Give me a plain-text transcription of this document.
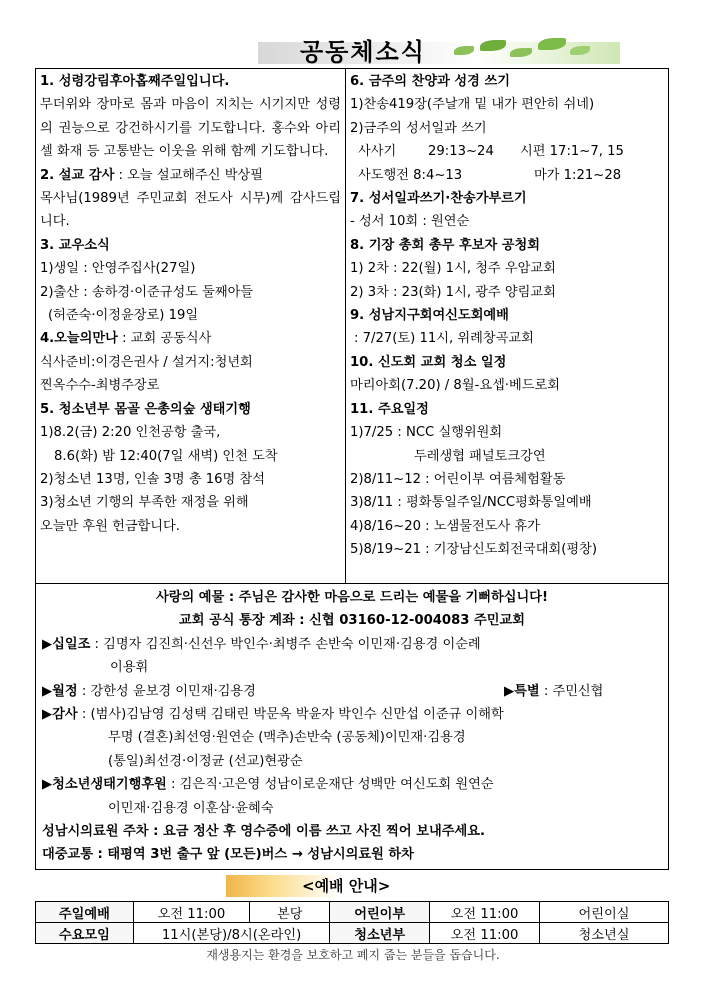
공동체소식
1. 성령강림후아홉째주일입니다.
무더위와 장마로 몸과 마음이 지치는 시기지만 성령의 권능으로 강건하시기를 기도합니다. 홍수와 아리셀 화재 등 고통받는 이웃을 위해 함께 기도합니다.
2. 설교 감사 : 오늘 설교해주신 박상필
목사님(1989년 주민교회 전도사 시무)께 감사드립니다.
3. 교우소식
1)생일 : 안영주집사(27일)
2)출산 : 송하경·이준규성도 둘째아들
(허준숙·이정윤장로) 19일
4.오늘의만나 : 교회 공동식사
식사준비:이경은권사 / 설거지:청년회
찐옥수수-최병주장로
5. 청소년부 몸골 은총의숲 생태기행
1)8.2(금) 2:20 인천공항 출국,
8.6(화) 밤 12:40(7일 새벽) 인천 도착
2)청소년 13명, 인솔 3명 총 16명 참석
3)청소년 기행의 부족한 재정을 위해
오늘만 후원 헌금합니다.
6. 금주의 찬양과 성경 쓰기
1)찬송419장(주날개 밑 내가 편안히 쉬네)
2)금주의 성서일과 쓰기
사사기 29:13~24 시편 17:1~7, 15
사도행전 8:4~13	마가 1:21~28
7. 성서일과쓰기·찬송가부르기
- 성서 10회 : 원연순
8. 기장 총회 총무 후보자 공청회
1) 2차 : 22(월) 1시, 청주 우암교회
2) 3차 : 23(화) 1시, 광주 양림교회
9. 성남지구회여신도회예배
: 7/27(토) 11시, 위례창곡교회
10. 신도회 교회 청소 일정
마리아회(7.20) / 8월-요셉·베드로회
11. 주요일정
1)7/25 : NCC 실행위원회
두레생협 패널토크강연
2)8/11~12 : 어린이부 여름체험활동
3)8/11 : 평화통일주일/NCC평화통일예배
4)8/16~20 : 노샘물전도사 휴가
5)8/19~21 : 기장남신도회전국대회(평창)
사랑의 예물 : 주님은 감사한 마음으로 드리는 예물을 기뻐하십니다!
교회 공식 통장 계좌 : 신협 03160-12-004083 주민교회
▶십일조 : 김명자 김진희·신선우 박인수·최병주 손반숙 이민재·김용경 이순례
이용휘
▶월정 : 강한성 윤보경 이민재·김용경	▶특별 : 주민신협
▶감사 : (범사)김남영 김성택 김태린 박문옥 박윤자 박인수 신만섭 이준규 이해학
무명 (결혼)최선영·원연순 (맥추)손반숙 (공동체)이민재·김용경
(통일)최선경·이정균 (선교)현광순
▶청소년생태기행후원 : 김은직·고은영 성남이로운재단 성백만 여신도회 원연순
이민재·김용경 이훈삼·윤혜숙
성남시의료원 주차 : 요금 정산 후 영수증에 이름 쓰고 사진 찍어 보내주세요.
대중교통 : 태평역 3번 출구 앞 (모든)버스 → 성남시의료원 하차
<예배 안내>
주일예배	오전 11:00	본당	어린이부	오전 11:00	어린이실
수요모임	11시(본당)/8시(온라인)		청소년부	오전 11:00	청소년실
재생용지는 환경을 보호하고 폐지 줍는 분들을 돕습니다.
